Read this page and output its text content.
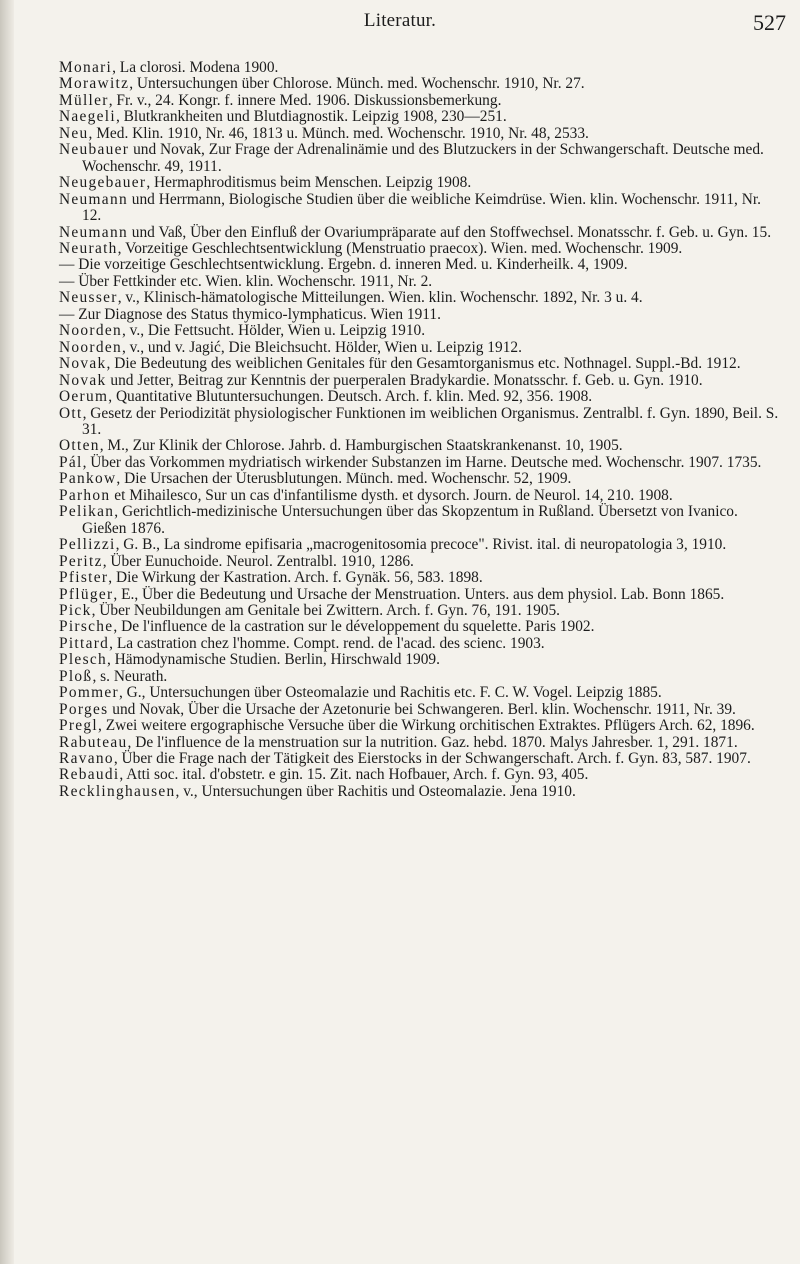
Literatur.	527
Monari, La clorosi. Modena 1900.
Morawitz, Untersuchungen über Chlorose. Münch. med. Wochenschr. 1910, Nr. 27.
Müller, Fr. v., 24. Kongr. f. innere Med. 1906. Diskussionsbemerkung.
Naegeli, Blutkrankheiten und Blutdiagnostik. Leipzig 1908, 230—251.
Neu, Med. Klin. 1910, Nr. 46, 1813 u. Münch. med. Wochenschr. 1910, Nr. 48, 2533.
Neubauer und Novak, Zur Frage der Adrenalinämie und des Blutzuckers in der Schwangerschaft. Deutsche med. Wochenschr. 49, 1911.
Neugebauer, Hermaphroditismus beim Menschen. Leipzig 1908.
Neumann und Herrmann, Biologische Studien über die weibliche Keimdrüse. Wien. klin. Wochenschr. 1911, Nr. 12.
Neumann und Vaß, Über den Einfluß der Ovariumpräparate auf den Stoffwechsel. Monatsschr. f. Geb. u. Gyn. 15.
Neurath, Vorzeitige Geschlechtsentwicklung (Menstruatio praecox). Wien. med. Wochenschr. 1909.
— Die vorzeitige Geschlechtsentwicklung. Ergebn. d. inneren Med. u. Kinderheilk. 4, 1909.
— Über Fettkinder etc. Wien. klin. Wochenschr. 1911, Nr. 2.
Neusser, v., Klinisch-hämatologische Mitteilungen. Wien. klin. Wochenschr. 1892, Nr. 3 u. 4.
— Zur Diagnose des Status thymico-lymphaticus. Wien 1911.
Noorden, v., Die Fettsucht. Hölder, Wien u. Leipzig 1910.
Noorden, v., und v. Jagić, Die Bleichsucht. Hölder, Wien u. Leipzig 1912.
Novak, Die Bedeutung des weiblichen Genitales für den Gesamtorganismus etc. Nothnagel. Suppl.-Bd. 1912.
Novak und Jetter, Beitrag zur Kenntnis der puerperalen Bradykardie. Monatsschr. f. Geb. u. Gyn. 1910.
Oerum, Quantitative Blutuntersuchungen. Deutsch. Arch. f. klin. Med. 92, 356. 1908.
Ott, Gesetz der Periodizität physiologischer Funktionen im weiblichen Organismus. Zentralbl. f. Gyn. 1890, Beil. S. 31.
Otten, M., Zur Klinik der Chlorose. Jahrb. d. Hamburgischen Staatskrankenanst. 10, 1905.
Pál, Über das Vorkommen mydriatisch wirkender Substanzen im Harne. Deutsche med. Wochenschr. 1907. 1735.
Pankow, Die Ursachen der Uterusblutungen. Münch. med. Wochenschr. 52, 1909.
Parhon et Mihailesco, Sur un cas d'infantilisme dysth. et dysorch. Journ. de Neurol. 14, 210. 1908.
Pelikan, Gerichtlich-medizinische Untersuchungen über das Skopzentum in Rußland. Übersetzt von Ivanico. Gießen 1876.
Pellizzi, G. B., La sindrome epifisaria „macrogenitosomia precoce". Rivist. ital. di neuropatologia 3, 1910.
Peritz, Über Eunuchoide. Neurol. Zentralbl. 1910, 1286.
Pfister, Die Wirkung der Kastration. Arch. f. Gynäk. 56, 583. 1898.
Pflüger, E., Über die Bedeutung und Ursache der Menstruation. Unters. aus dem physiol. Lab. Bonn 1865.
Pick, Über Neubildungen am Genitale bei Zwittern. Arch. f. Gyn. 76, 191. 1905.
Pirsche, De l'influence de la castration sur le développement du squelette. Paris 1902.
Pittard, La castration chez l'homme. Compt. rend. de l'acad. des scienc. 1903.
Plesch, Hämodynamische Studien. Berlin, Hirschwald 1909.
Ploß, s. Neurath.
Pommer, G., Untersuchungen über Osteomalazie und Rachitis etc. F. C. W. Vogel. Leipzig 1885.
Porges und Novak, Über die Ursache der Azetonurie bei Schwangeren. Berl. klin. Wochenschr. 1911, Nr. 39.
Pregl, Zwei weitere ergographische Versuche über die Wirkung orchitischen Extraktes. Pflügers Arch. 62, 1896.
Rabuteau, De l'influence de la menstruation sur la nutrition. Gaz. hebd. 1870. Malys Jahresber. 1, 291. 1871.
Ravano, Über die Frage nach der Tätigkeit des Eierstocks in der Schwangerschaft. Arch. f. Gyn. 83, 587. 1907.
Rebaudi, Atti soc. ital. d'obstetr. e gin. 15. Zit. nach Hofbauer, Arch. f. Gyn. 93, 405.
Recklinghausen, v., Untersuchungen über Rachitis und Osteomalazie. Jena 1910.
